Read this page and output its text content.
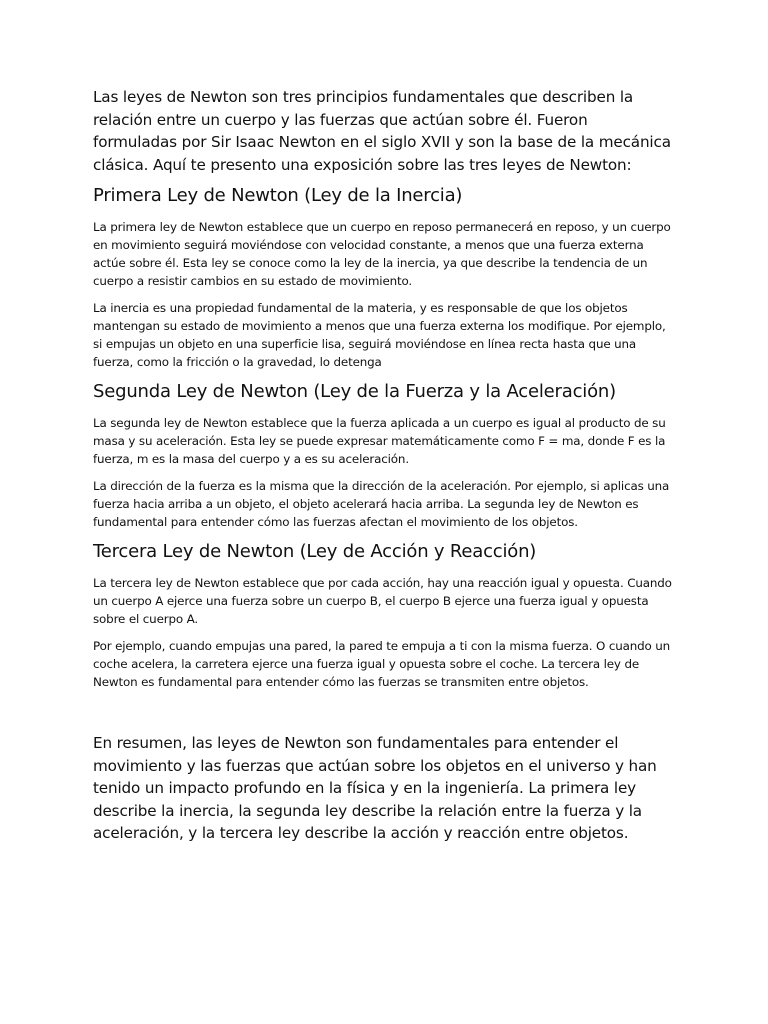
Las leyes de Newton son tres principios fundamentales que describen la relación entre un cuerpo y las fuerzas que actúan sobre él. Fueron formuladas por Sir Isaac Newton en el siglo XVII y son la base de la mecánica clásica. Aquí te presento una exposición sobre las tres leyes de Newton:

Primera Ley de Newton (Ley de la Inercia)

La primera ley de Newton establece que un cuerpo en reposo permanecerá en reposo, y un cuerpo en movimiento seguirá moviéndose con velocidad constante, a menos que una fuerza externa actúe sobre él. Esta ley se conoce como la ley de la inercia, ya que describe la tendencia de un cuerpo a resistir cambios en su estado de movimiento.

La inercia es una propiedad fundamental de la materia, y es responsable de que los objetos mantengan su estado de movimiento a menos que una fuerza externa los modifique. Por ejemplo, si empujas un objeto en una superficie lisa, seguirá moviéndose en línea recta hasta que una fuerza, como la fricción o la gravedad, lo detenga

Segunda Ley de Newton (Ley de la Fuerza y la Aceleración)

La segunda ley de Newton establece que la fuerza aplicada a un cuerpo es igual al producto de su masa y su aceleración. Esta ley se puede expresar matemáticamente como F = ma, donde F es la fuerza, m es la masa del cuerpo y a es su aceleración.

La dirección de la fuerza es la misma que la dirección de la aceleración. Por ejemplo, si aplicas una fuerza hacia arriba a un objeto, el objeto acelerará hacia arriba. La segunda ley de Newton es fundamental para entender cómo las fuerzas afectan el movimiento de los objetos.

Tercera Ley de Newton (Ley de Acción y Reacción)

La tercera ley de Newton establece que por cada acción, hay una reacción igual y opuesta. Cuando un cuerpo A ejerce una fuerza sobre un cuerpo B, el cuerpo B ejerce una fuerza igual y opuesta sobre el cuerpo A.

Por ejemplo, cuando empujas una pared, la pared te empuja a ti con la misma fuerza. O cuando un coche acelera, la carretera ejerce una fuerza igual y opuesta sobre el coche. La tercera ley de Newton es fundamental para entender cómo las fuerzas se transmiten entre objetos.

En resumen, las leyes de Newton son fundamentales para entender el movimiento y las fuerzas que actúan sobre los objetos en el universo y han tenido un impacto profundo en la física y en la ingeniería. La primera ley describe la inercia, la segunda ley describe la relación entre la fuerza y la aceleración, y la tercera ley describe la acción y reacción entre objetos.
